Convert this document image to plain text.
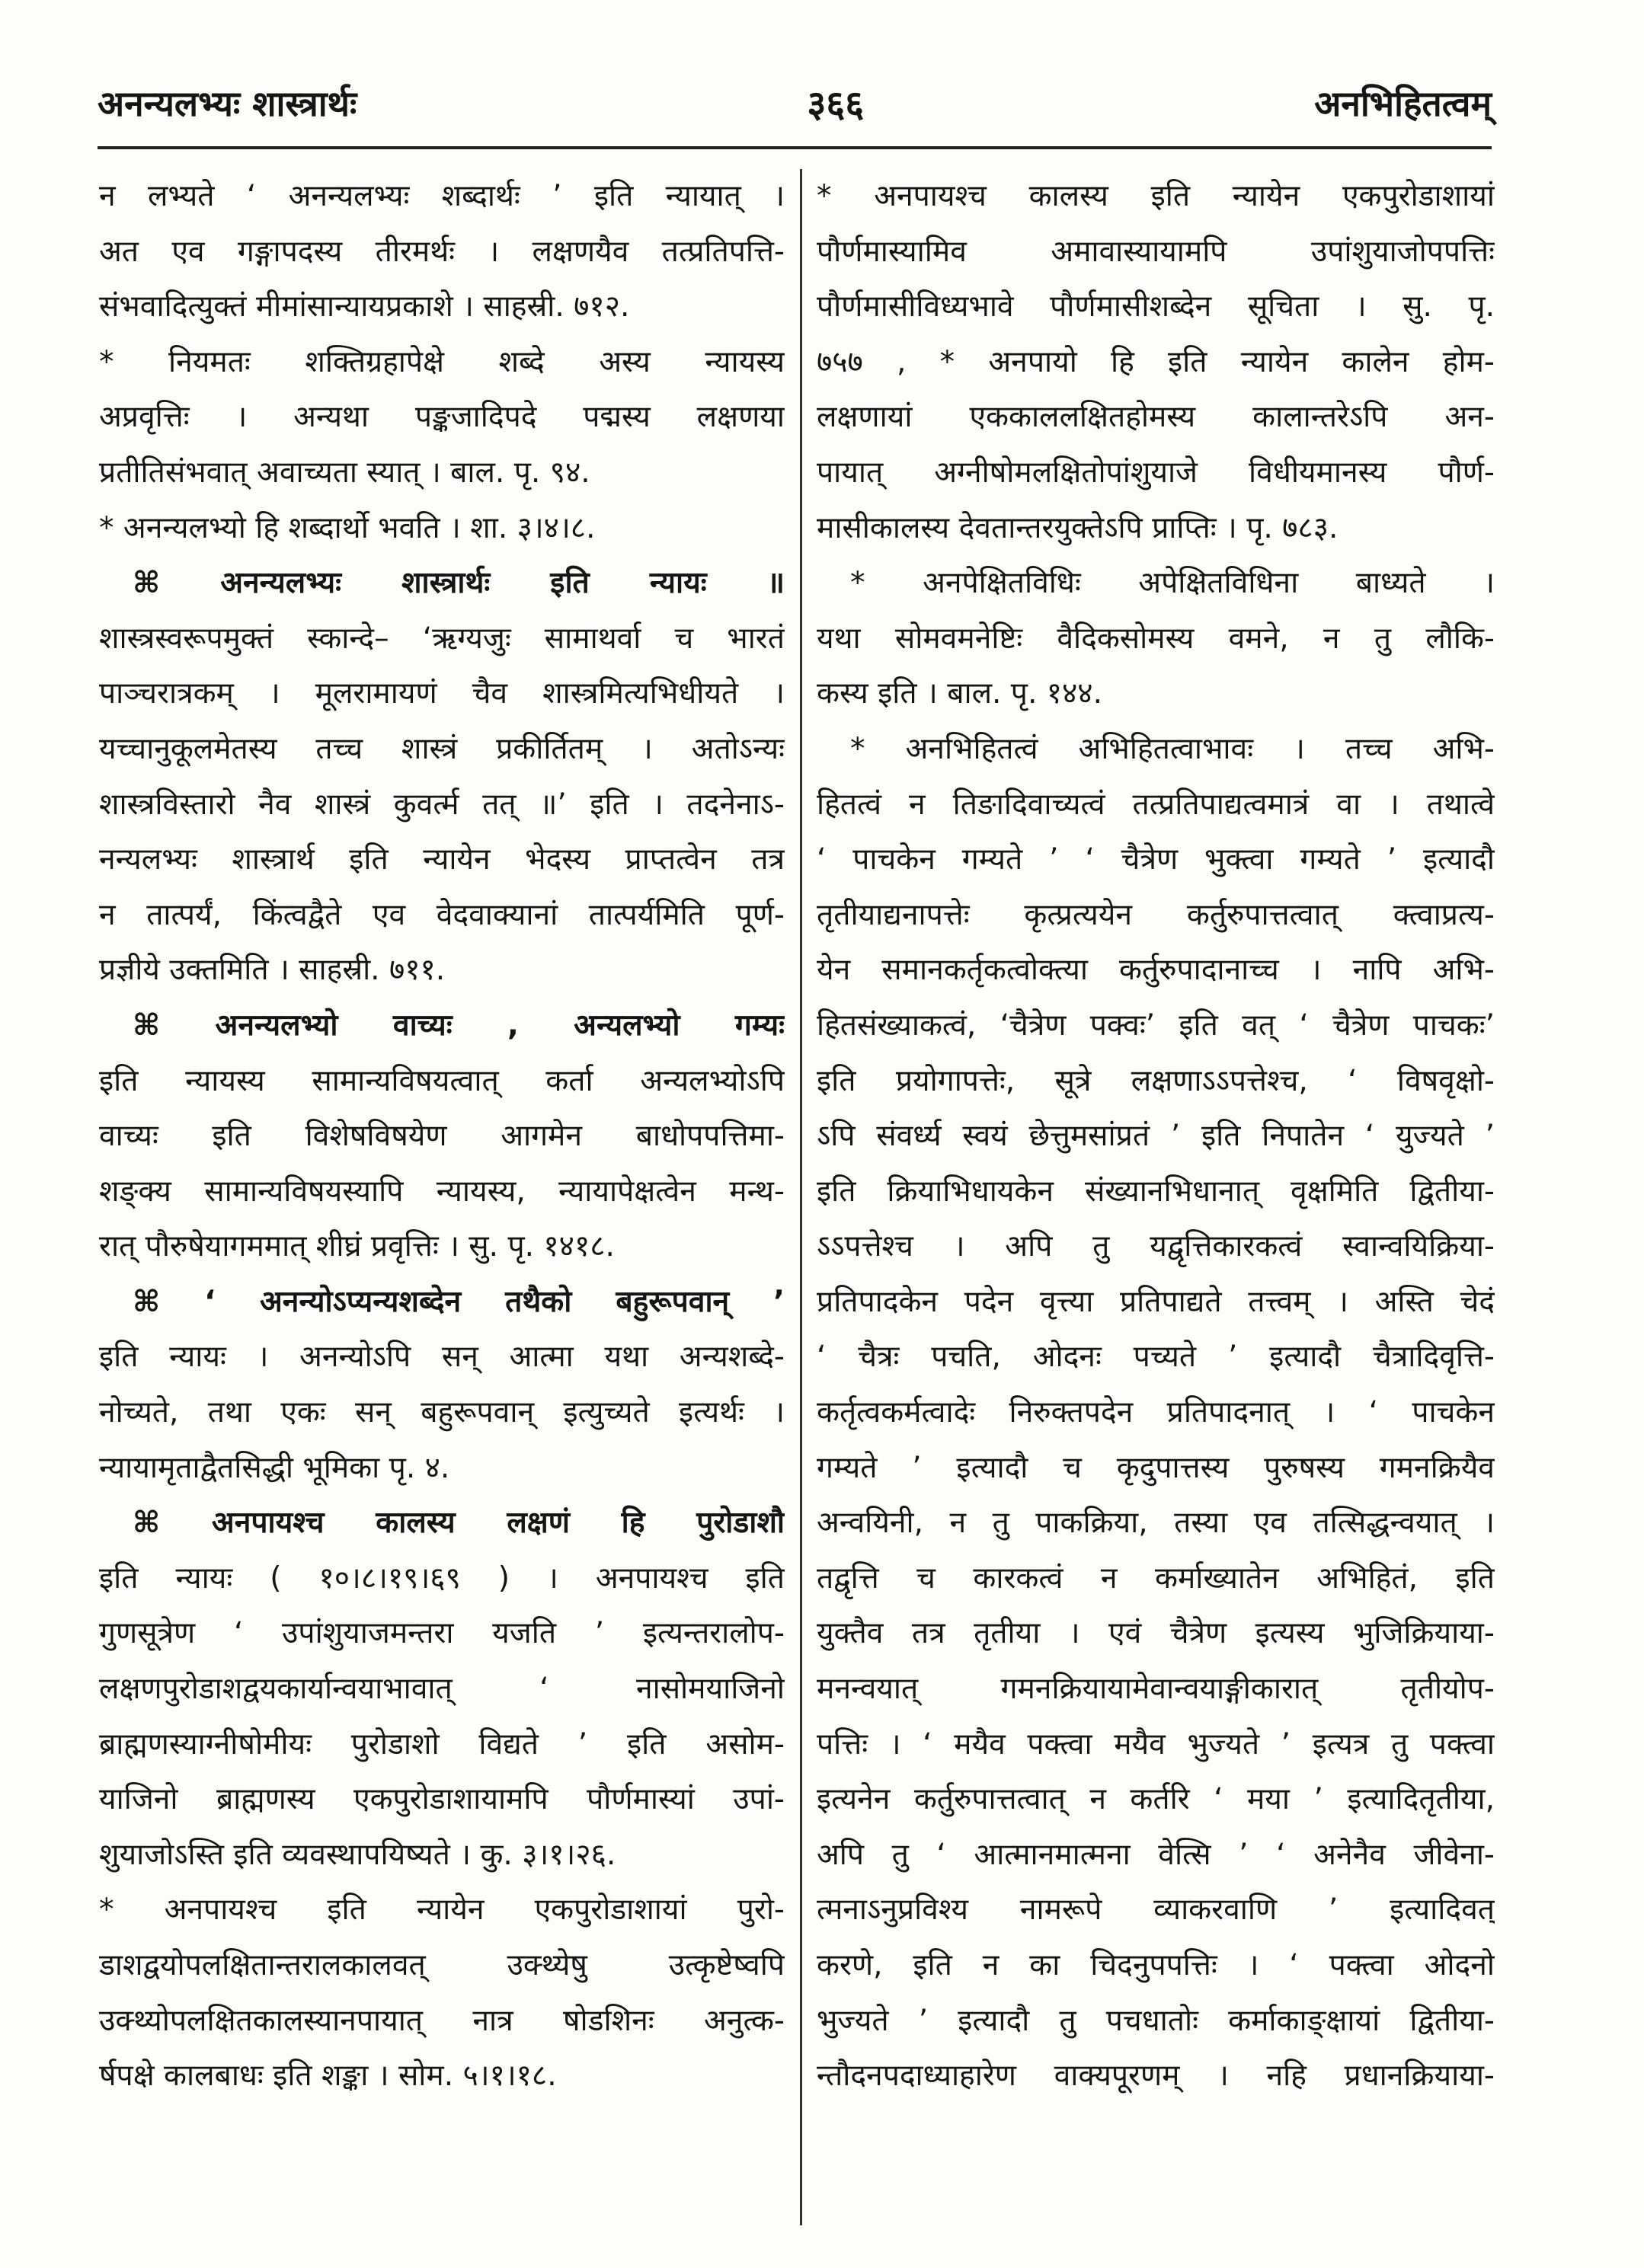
अनन्यलभ्यः शास्त्रार्थः	३६६	अनभिहितत्वम्
न लभ्यते ‘ अनन्यलभ्यः शब्दार्थः ’ इति न्यायात् ।
अत एव गङ्गापदस्य तीरमर्थः । लक्षणयैव तत्प्रतिपत्ति-
संभवादित्युक्तं मीमांसान्यायप्रकाशे । साहस्री. ७१२.
* नियमतः शक्तिग्रहापेक्षे शब्दे अस्य न्यायस्य
अप्रवृत्तिः । अन्यथा पङ्कजादिपदे पद्मस्य लक्षणया
प्रतीतिसंभवात् अवाच्यता स्यात् । बाल. पृ. ९४.
* अनन्यलभ्यो हि शब्दार्थो भवति । शा. ३।४।८.
⌘ अनन्यलभ्यः शास्त्रार्थः इति न्यायः ॥
शास्त्रस्वरूपमुक्तं स्कान्दे– ‘ऋग्यजुः सामाथर्वा च भारतं
पाञ्चरात्रकम् । मूलरामायणं चैव शास्त्रमित्यभिधीयते ।
यच्चानुकूलमेतस्य तच्च शास्त्रं प्रकीर्तितम् । अतोऽन्यः
शास्त्रविस्तारो नैव शास्त्रं कुवर्त्म तत् ॥’ इति । तदनेनाऽ-
नन्यलभ्यः शास्त्रार्थ इति न्यायेन भेदस्य प्राप्तत्वेन तत्र
न तात्पर्यं, किंत्वद्वैते एव वेदवाक्यानां तात्पर्यमिति पूर्ण-
प्रज्ञीये उक्तमिति । साहस्री. ७११.
⌘ अनन्यलभ्यो वाच्यः , अन्यलभ्यो गम्यः
इति न्यायस्य सामान्यविषयत्वात् कर्ता अन्यलभ्योऽपि
वाच्यः इति विशेषविषयेण आगमेन बाधोपपत्तिमा-
शङ्क्य सामान्यविषयस्यापि न्यायस्य, न्यायापेक्षत्वेन मन्थ-
रात् पौरुषेयागममात् शीघ्रं प्रवृत्तिः । सु. पृ. १४१८.
⌘ ‘ अनन्योऽप्यन्यशब्देन तथैको बहुरूपवान् ’
इति न्यायः । अनन्योऽपि सन् आत्मा यथा अन्यशब्दे-
नोच्यते, तथा एकः सन् बहुरूपवान् इत्युच्यते इत्यर्थः ।
न्यायामृताद्वैतसिद्धी भूमिका पृ. ४.
⌘ अनपायश्च कालस्य लक्षणं हि पुरोडाशौ
इति न्यायः ( १०।८।१९।६९ ) । अनपायश्च इति
गुणसूत्रेण ‘ उपांशुयाजमन्तरा यजति ’ इत्यन्तरालोप-
लक्षणपुरोडाशद्वयकार्यान्वयाभावात् ‘ नासोमयाजिनो
ब्राह्मणस्याग्नीषोमीयः पुरोडाशो विद्यते ’ इति असोम-
याजिनो ब्राह्मणस्य एकपुरोडाशायामपि पौर्णमास्यां उपां-
शुयाजोऽस्ति इति व्यवस्थापयिष्यते । कु. ३।१।२६.
* अनपायश्च इति न्यायेन एकपुरोडाशायां पुरो-
डाशद्वयोपलक्षितान्तरालकालवत् उक्थ्येषु उत्कृष्टेष्वपि
उक्थ्योपलक्षितकालस्यानपायात् नात्र षोडशिनः अनुत्क-
र्षपक्षे कालबाधः इति शङ्का । सोम. ५।१।१८.
* अनपायश्च कालस्य इति न्यायेन एकपुरोडाशायां
पौर्णमास्यामिव अमावास्यायामपि उपांशुयाजोपपत्तिः
पौर्णमासीविध्यभावे पौर्णमासीशब्देन सूचिता । सु. पृ.
७५७ , * अनपायो हि इति न्यायेन कालेन होम-
लक्षणायां एककाललक्षितहोमस्य कालान्तरेऽपि अन-
पायात् अग्नीषोमलक्षितोपांशुयाजे विधीयमानस्य पौर्ण-
मासीकालस्य देवतान्तरयुक्तेऽपि प्राप्तिः । पृ. ७८३.
* अनपेक्षितविधिः अपेक्षितविधिना बाध्यते ।
यथा सोमवमनेष्टिः वैदिकसोमस्य वमने, न तु लौकि-
कस्य इति । बाल. पृ. १४४.
* अनभिहितत्वं अभिहितत्वाभावः । तच्च अभि-
हितत्वं न तिङादिवाच्यत्वं तत्प्रतिपाद्यत्वमात्रं वा । तथात्वे
‘ पाचकेन गम्यते ’ ‘ चैत्रेण भुक्त्वा गम्यते ’ इत्यादौ
तृतीयाद्यनापत्तेः कृत्प्रत्ययेन कर्तुरुपात्तत्वात् क्त्वाप्रत्य-
येन समानकर्तृकत्वोक्त्या कर्तुरुपादानाच्च । नापि अभि-
हितसंख्याकत्वं, ‘चैत्रेण पक्वः’ इति वत् ‘ चैत्रेण पाचकः’
इति प्रयोगापत्तेः, सूत्रे लक्षणाऽऽपत्तेश्च, ‘ विषवृक्षो-
ऽपि संवर्ध्य स्वयं छेत्तुमसांप्रतं ’ इति निपातेन ‘ युज्यते ’
इति क्रियाभिधायकेन संख्यानभिधानात् वृक्षमिति द्वितीया-
ऽऽपत्तेश्च । अपि तु यद्वृत्तिकारकत्वं स्वान्वयिक्रिया-
प्रतिपादकेन पदेन वृत्त्या प्रतिपाद्यते तत्त्वम् । अस्ति चेदं
‘ चैत्रः पचति, ओदनः पच्यते ’ इत्यादौ चैत्रादिवृत्ति-
कर्तृत्वकर्मत्वादेः निरुक्तपदेन प्रतिपादनात् । ‘ पाचकेन
गम्यते ’ इत्यादौ च कृदुपात्तस्य पुरुषस्य गमनक्रियैव
अन्वयिनी, न तु पाकक्रिया, तस्या एव तत्सिद्धन्वयात् ।
तद्वृत्ति च कारकत्वं न कर्माख्यातेन अभिहितं, इति
युक्तैव तत्र तृतीया । एवं चैत्रेण इत्यस्य भुजिक्रियाया-
मनन्वयात् गमनक्रियायामेवान्वयाङ्गीकारात् तृतीयोप-
पत्तिः । ‘ मयैव पक्त्वा मयैव भुज्यते ’ इत्यत्र तु पक्त्वा
इत्यनेन कर्तुरुपात्तत्वात् न कर्तरि ‘ मया ’ इत्यादितृतीया,
अपि तु ‘ आत्मानमात्मना वेत्सि ’ ‘ अनेनैव जीवेना-
त्मनाऽनुप्रविश्य नामरूपे व्याकरवाणि ’ इत्यादिवत्
करणे, इति न का चिदनुपपत्तिः । ‘ पक्त्वा ओदनो
भुज्यते ’ इत्यादौ तु पचधातोः कर्माकाङ्क्षायां द्वितीया-
न्तौदनपदाध्याहारेण वाक्यपूरणम् । नहि प्रधानक्रियाया-
